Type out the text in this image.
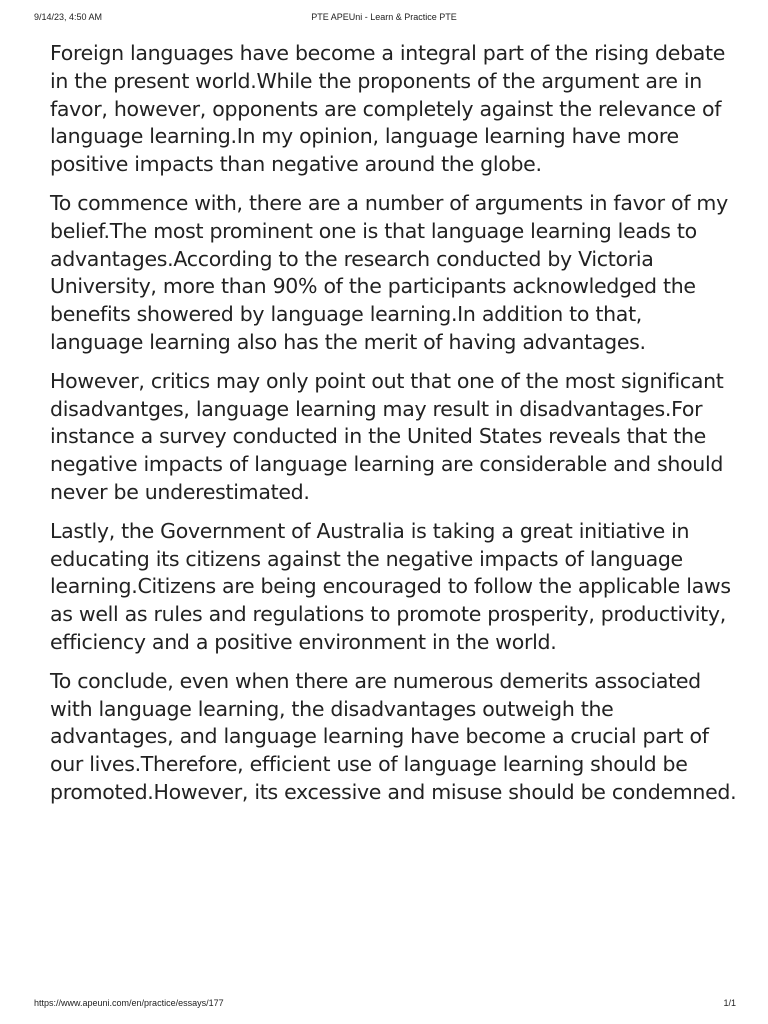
9/14/23, 4:50 AM	PTE APEUni - Learn & Practice PTE

Foreign languages have become a integral part of the rising debate in the present world.While the proponents of the argument are in favor, however, opponents are completely against the relevance of language learning.In my opinion, language learning have more positive impacts than negative around the globe.

To commence with, there are a number of arguments in favor of my belief.The most prominent one is that language learning leads to advantages.According to the research conducted by Victoria University, more than 90% of the participants acknowledged the benefits showered by language learning.In addition to that, language learning also has the merit of having advantages.

However, critics may only point out that one of the most significant disadvantges, language learning may result in disadvantages.For instance a survey conducted in the United States reveals that the negative impacts of language learning are considerable and should never be underestimated.

Lastly, the Government of Australia is taking a great initiative in educating its citizens against the negative impacts of language learning.Citizens are being encouraged to follow the applicable laws as well as rules and regulations to promote prosperity, productivity, efficiency and a positive environment in the world.

To conclude, even when there are numerous demerits associated with language learning, the disadvantages outweigh the advantages, and language learning have become a crucial part of our lives.Therefore, efficient use of language learning should be promoted.However, its excessive and misuse should be condemned.

https://www.apeuni.com/en/practice/essays/177	1/1
